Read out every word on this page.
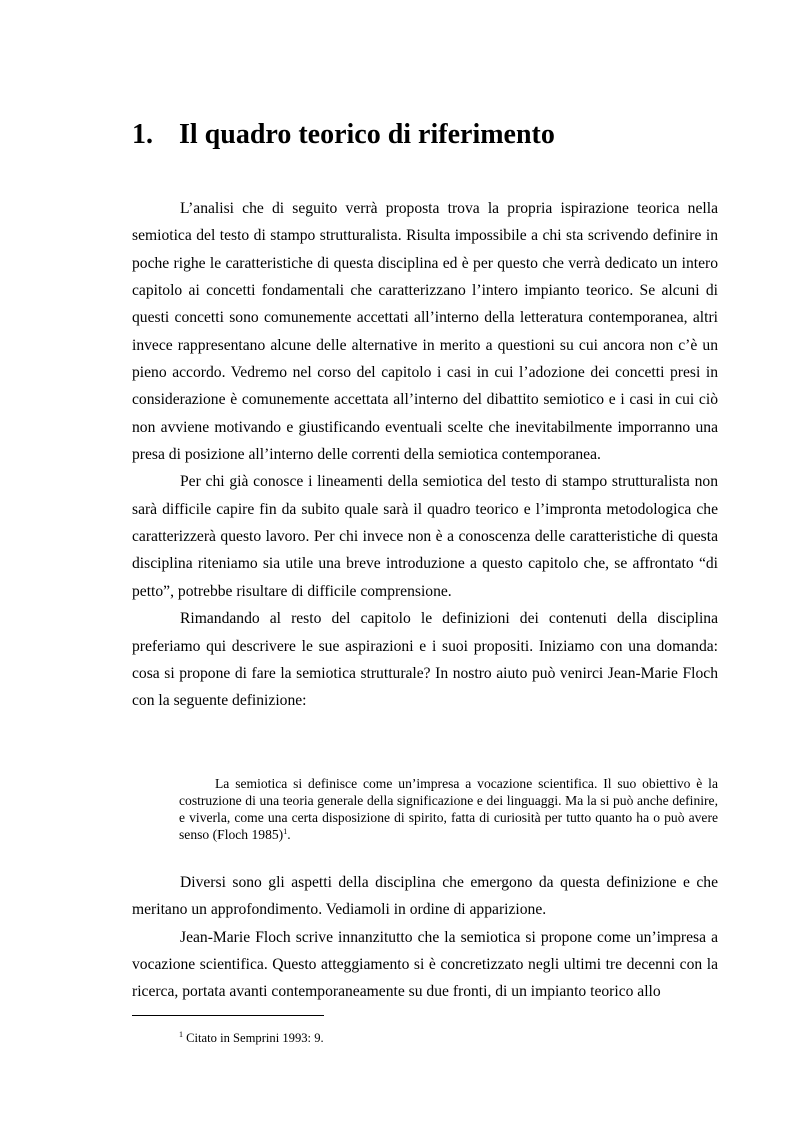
1. Il quadro teorico di riferimento

L’analisi che di seguito verrà proposta trova la propria ispirazione teorica nella semiotica del testo di stampo strutturalista. Risulta impossibile a chi sta scrivendo definire in poche righe le caratteristiche di questa disciplina ed è per questo che verrà dedicato un intero capitolo ai concetti fondamentali che caratterizzano l’intero impianto teorico. Se alcuni di questi concetti sono comunemente accettati all’interno della letteratura contemporanea, altri invece rappresentano alcune delle alternative in merito a questioni su cui ancora non c’è un pieno accordo. Vedremo nel corso del capitolo i casi in cui l’adozione dei concetti presi in considerazione è comunemente accettata all’interno del dibattito semiotico e i casi in cui ciò non avviene motivando e giustificando eventuali scelte che inevitabilmente imporranno una presa di posizione all’interno delle correnti della semiotica contemporanea.

Per chi già conosce i lineamenti della semiotica del testo di stampo strutturalista non sarà difficile capire fin da subito quale sarà il quadro teorico e l’impronta metodologica che caratterizzerà questo lavoro. Per chi invece non è a conoscenza delle caratteristiche di questa disciplina riteniamo sia utile una breve introduzione a questo capitolo che, se affrontato “di petto”, potrebbe risultare di difficile comprensione.

Rimandando al resto del capitolo le definizioni dei contenuti della disciplina preferiamo qui descrivere le sue aspirazioni e i suoi propositi. Iniziamo con una domanda: cosa si propone di fare la semiotica strutturale? In nostro aiuto può venirci Jean-Marie Floch con la seguente definizione:

La semiotica si definisce come un’impresa a vocazione scientifica. Il suo obiettivo è la costruzione di una teoria generale della significazione e dei linguaggi. Ma la si può anche definire, e viverla, come una certa disposizione di spirito, fatta di curiosità per tutto quanto ha o può avere senso (Floch 1985)$^1$.

Diversi sono gli aspetti della disciplina che emergono da questa definizione e che meritano un approfondimento. Vediamoli in ordine di apparizione.

Jean-Marie Floch scrive innanzitutto che la semiotica si propone come un’impresa a vocazione scientifica. Questo atteggiamento si è concretizzato negli ultimi tre decenni con la ricerca, portata avanti contemporaneamente su due fronti, di un impianto teorico allo

$^1$ Citato in Semprini 1993: 9.
